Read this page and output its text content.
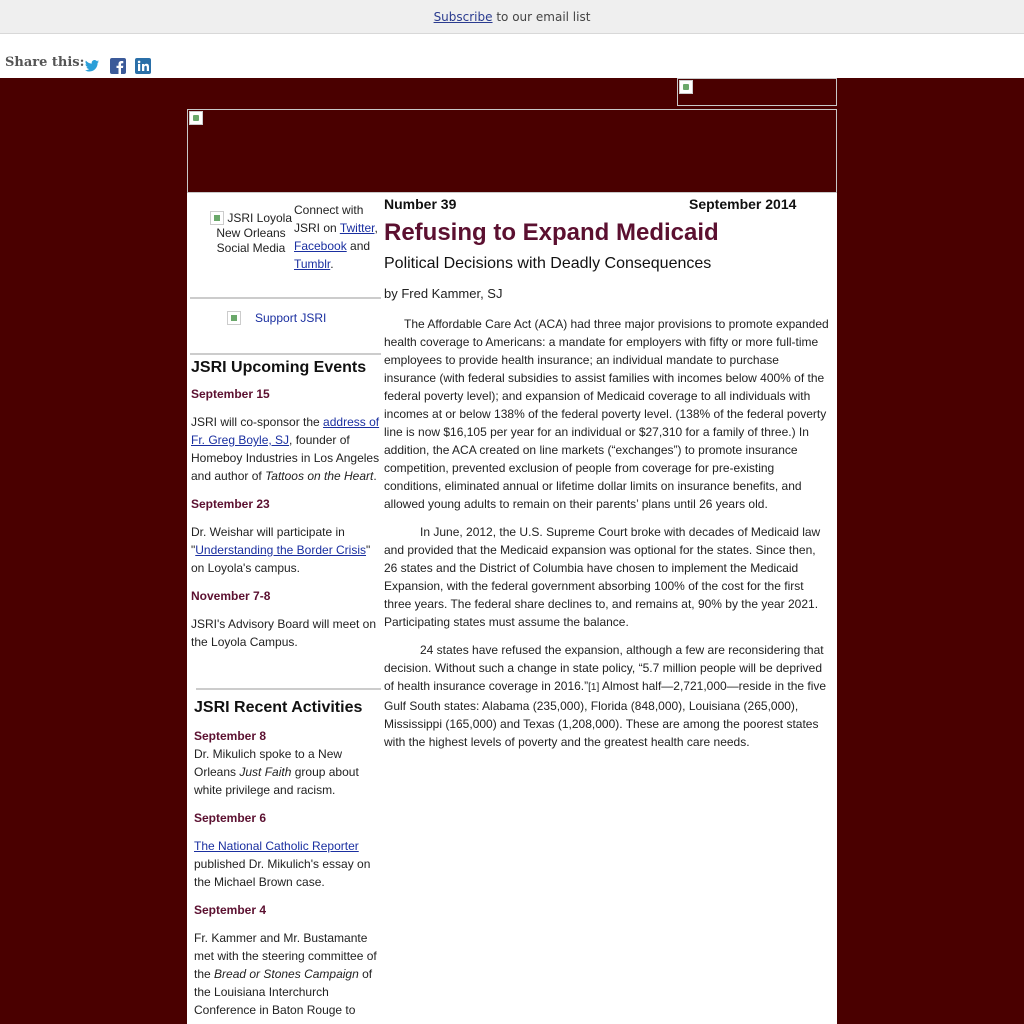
Subscribe to our email list
Share this:
JSRI Loyola New Orleans Social Media
Connect with JSRI on Twitter, Facebook and Tumblr.
Support JSRI

JSRI Upcoming Events

September 15

JSRI will co-sponsor the address of Fr. Greg Boyle, SJ, founder of Homeboy Industries in Los Angeles and author of Tattoos on the Heart.

September 23

Dr. Weishar will participate in "Understanding the Border Crisis" on Loyola's campus.

November 7-8

JSRI's Advisory Board will meet on the Loyola Campus.

JSRI Recent Activities

September 8

Dr. Mikulich spoke to a New Orleans Just Faith group about white privilege and racism.

September 6

The National Catholic Reporter published Dr. Mikulich's essay on the Michael Brown case.

September 4

Fr. Kammer and Mr. Bustamante met with the steering committee of the Bread or Stones Campaign of the Louisiana Interchurch Conference in Baton Rouge to

Number 39	September 2014
Refusing to Expand Medicaid
Political Decisions with Deadly Consequences
by Fred Kammer, SJ

The Affordable Care Act (ACA) had three major provisions to promote expanded health coverage to Americans: a mandate for employers with fifty or more full-time employees to provide health insurance; an individual mandate to purchase insurance (with federal subsidies to assist families with incomes below 400% of the federal poverty level); and expansion of Medicaid coverage to all individuals with incomes at or below 138% of the federal poverty level. (138% of the federal poverty line is now $16,105 per year for an individual or $27,310 for a family of three.) In addition, the ACA created on line markets (“exchanges”) to promote insurance competition, prevented exclusion of people from coverage for pre-existing conditions, eliminated annual or lifetime dollar limits on insurance benefits, and allowed young adults to remain on their parents’ plans until 26 years old.

In June, 2012, the U.S. Supreme Court broke with decades of Medicaid law and provided that the Medicaid expansion was optional for the states. Since then, 26 states and the District of Columbia have chosen to implement the Medicaid Expansion, with the federal government absorbing 100% of the cost for the first three years. The federal share declines to, and remains at, 90% by the year 2021. Participating states must assume the balance.

24 states have refused the expansion, although a few are reconsidering that decision. Without such a change in state policy, “5.7 million people will be deprived of health insurance coverage in 2016.”[1] Almost half—2,721,000—reside in the five Gulf South states: Alabama (235,000), Florida (848,000), Louisiana (265,000), Mississippi (165,000) and Texas (1,208,000). These are among the poorest states with the highest levels of poverty and the greatest health care needs.
